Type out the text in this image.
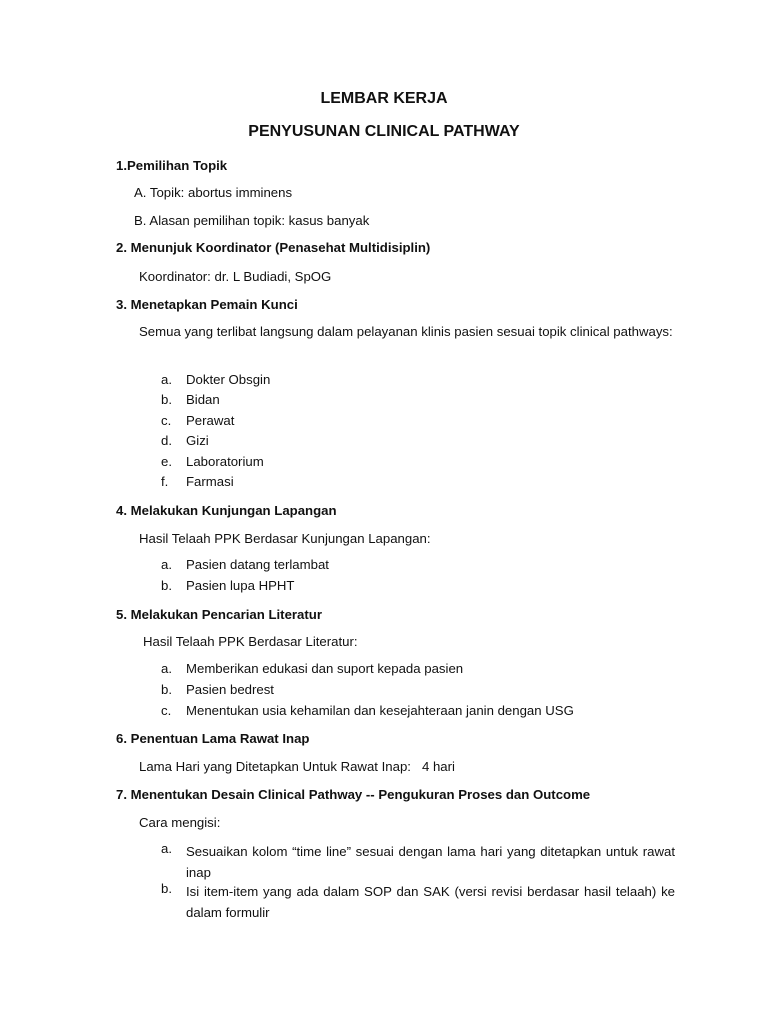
LEMBAR KERJA
PENYUSUNAN CLINICAL PATHWAY
1.Pemilihan Topik
A. Topik: abortus imminens
B. Alasan pemilihan topik: kasus banyak
2. Menunjuk Koordinator (Penasehat Multidisiplin)
Koordinator: dr. L Budiadi, SpOG
3. Menetapkan Pemain Kunci
Semua yang terlibat langsung dalam pelayanan klinis pasien sesuai topik clinical pathways:
a.	Dokter Obsgin
b.	Bidan
c.	Perawat
d.	Gizi
e.	Laboratorium
f.	Farmasi
4. Melakukan Kunjungan Lapangan
Hasil Telaah PPK Berdasar Kunjungan Lapangan:
a.	Pasien datang terlambat
b.	Pasien lupa HPHT
5. Melakukan Pencarian Literatur
Hasil Telaah PPK Berdasar Literatur:
a.	Memberikan edukasi dan suport kepada pasien
b.	Pasien bedrest
c.	Menentukan usia kehamilan dan kesejahteraan janin dengan USG
6. Penentuan Lama Rawat Inap
Lama Hari yang Ditetapkan Untuk Rawat Inap:   4 hari
7. Menentukan Desain Clinical Pathway -- Pengukuran Proses dan Outcome
Cara mengisi:
a.	Sesuaikan kolom “time line” sesuai dengan lama hari yang ditetapkan untuk rawat inap
b.	Isi item-item yang ada dalam SOP dan SAK (versi revisi berdasar hasil telaah) ke dalam formulir
